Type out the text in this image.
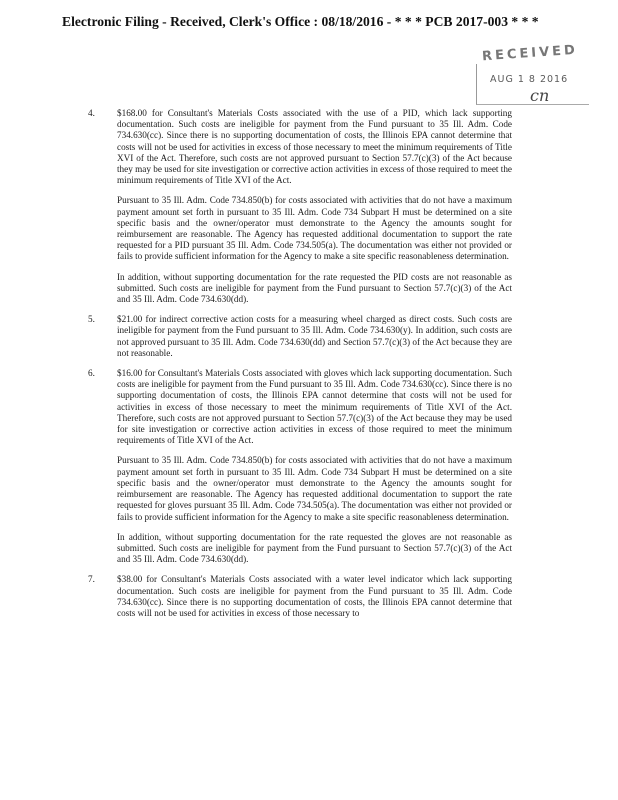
Electronic Filing - Received, Clerk's Office : 08/18/2016 - * * * PCB 2017-003 * * *
RECEIVED
AUG 1 8 2016
cn
4. $168.00 for Consultant's Materials Costs associated with the use of a PID, which lack supporting documentation. Such costs are ineligible for payment from the Fund pursuant to 35 Ill. Adm. Code 734.630(cc). Since there is no supporting documentation of costs, the Illinois EPA cannot determine that costs will not be used for activities in excess of those necessary to meet the minimum requirements of Title XVI of the Act. Therefore, such costs are not approved pursuant to Section 57.7(c)(3) of the Act because they may be used for site investigation or corrective action activities in excess of those required to meet the minimum requirements of Title XVI of the Act.

Pursuant to 35 Ill. Adm. Code 734.850(b) for costs associated with activities that do not have a maximum payment amount set forth in pursuant to 35 Ill. Adm. Code 734 Subpart H must be determined on a site specific basis and the owner/operator must demonstrate to the Agency the amounts sought for reimbursement are reasonable. The Agency has requested additional documentation to support the rate requested for a PID pursuant 35 Ill. Adm. Code 734.505(a). The documentation was either not provided or fails to provide sufficient information for the Agency to make a site specific reasonableness determination.

In addition, without supporting documentation for the rate requested the PID costs are not reasonable as submitted. Such costs are ineligible for payment from the Fund pursuant to Section 57.7(c)(3) of the Act and 35 Ill. Adm. Code 734.630(dd).

5. $21.00 for indirect corrective action costs for a measuring wheel charged as direct costs. Such costs are ineligible for payment from the Fund pursuant to 35 Ill. Adm. Code 734.630(y). In addition, such costs are not approved pursuant to 35 Ill. Adm. Code 734.630(dd) and Section 57.7(c)(3) of the Act because they are not reasonable.

6. $16.00 for Consultant's Materials Costs associated with gloves which lack supporting documentation. Such costs are ineligible for payment from the Fund pursuant to 35 Ill. Adm. Code 734.630(cc). Since there is no supporting documentation of costs, the Illinois EPA cannot determine that costs will not be used for activities in excess of those necessary to meet the minimum requirements of Title XVI of the Act. Therefore, such costs are not approved pursuant to Section 57.7(c)(3) of the Act because they may be used for site investigation or corrective action activities in excess of those required to meet the minimum requirements of Title XVI of the Act.

Pursuant to 35 Ill. Adm. Code 734.850(b) for costs associated with activities that do not have a maximum payment amount set forth in pursuant to 35 Ill. Adm. Code 734 Subpart H must be determined on a site specific basis and the owner/operator must demonstrate to the Agency the amounts sought for reimbursement are reasonable. The Agency has requested additional documentation to support the rate requested for gloves pursuant 35 Ill. Adm. Code 734.505(a). The documentation was either not provided or fails to provide sufficient information for the Agency to make a site specific reasonableness determination.

In addition, without supporting documentation for the rate requested the gloves are not reasonable as submitted. Such costs are ineligible for payment from the Fund pursuant to Section 57.7(c)(3) of the Act and 35 Ill. Adm. Code 734.630(dd).

7. $38.00 for Consultant's Materials Costs associated with a water level indicator which lack supporting documentation. Such costs are ineligible for payment from the Fund pursuant to 35 Ill. Adm. Code 734.630(cc). Since there is no supporting documentation of costs, the Illinois EPA cannot determine that costs will not be used for activities in excess of those necessary to
